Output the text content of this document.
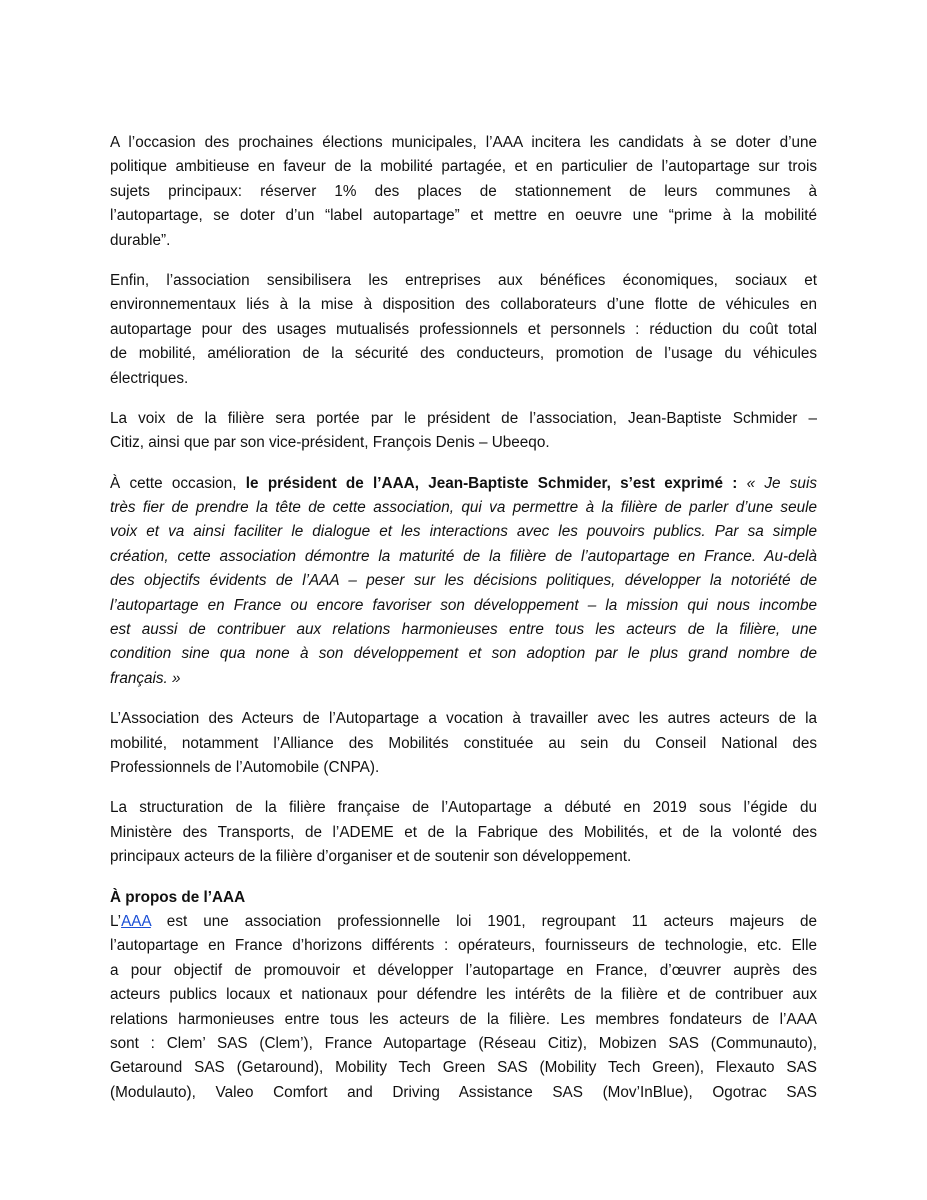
A l’occasion des prochaines élections municipales, l’AAA incitera les candidats à se doter d’une
politique ambitieuse en faveur de la mobilité partagée, et en particulier de l’autopartage sur trois
sujets principaux: réserver 1% des places de stationnement de leurs communes à
l’autopartage, se doter d’un “label autopartage” et mettre en oeuvre une “prime à la mobilité
durable”.
Enfin, l’association sensibilisera les entreprises aux bénéfices économiques, sociaux et
environnementaux liés à la mise à disposition des collaborateurs d’une flotte de véhicules en
autopartage pour des usages mutualisés professionnels et personnels : réduction du coût total
de mobilité, amélioration de la sécurité des conducteurs, promotion de l’usage du véhicules
électriques.
La voix de la filière sera portée par le président de l’association, Jean-Baptiste Schmider –
Citiz, ainsi que par son vice-président, François Denis – Ubeeqo.
À cette occasion, le président de l’AAA, Jean-Baptiste Schmider, s’est exprimé : « Je suis
très fier de prendre la tête de cette association, qui va permettre à la filière de parler d’une seule
voix et va ainsi faciliter le dialogue et les interactions avec les pouvoirs publics. Par sa simple
création, cette association démontre la maturité de la filière de l’autopartage en France. Au-delà
des objectifs évidents de l’AAA – peser sur les décisions politiques, développer la notoriété de
l’autopartage en France ou encore favoriser son développement – la mission qui nous incombe
est aussi de contribuer aux relations harmonieuses entre tous les acteurs de la filière, une
condition sine qua none à son développement et son adoption par le plus grand nombre de
français. »
L’Association des Acteurs de l’Autopartage a vocation à travailler avec les autres acteurs de la
mobilité, notamment l’Alliance des Mobilités constituée au sein du Conseil National des
Professionnels de l’Automobile (CNPA).
La structuration de la filière française de l’Autopartage a débuté en 2019 sous l’égide du
Ministère des Transports, de l’ADEME et de la Fabrique des Mobilités, et de la volonté des
principaux acteurs de la filière d’organiser et de soutenir son développement.
À propos de l’AAA
L’AAA est une association professionnelle loi 1901, regroupant 11 acteurs majeurs de
l’autopartage en France d’horizons différents : opérateurs, fournisseurs de technologie, etc. Elle
a pour objectif de promouvoir et développer l’autopartage en France, d’œuvrer auprès des
acteurs publics locaux et nationaux pour défendre les intérêts de la filière et de contribuer aux
relations harmonieuses entre tous les acteurs de la filière. Les membres fondateurs de l’AAA
sont : Clem’ SAS (Clem’), France Autopartage (Réseau Citiz), Mobizen SAS (Communauto),
Getaround SAS (Getaround), Mobility Tech Green SAS (Mobility Tech Green), Flexauto SAS
(Modulauto), Valeo Comfort and Driving Assistance SAS (Mov’InBlue), Ogotrac SAS
